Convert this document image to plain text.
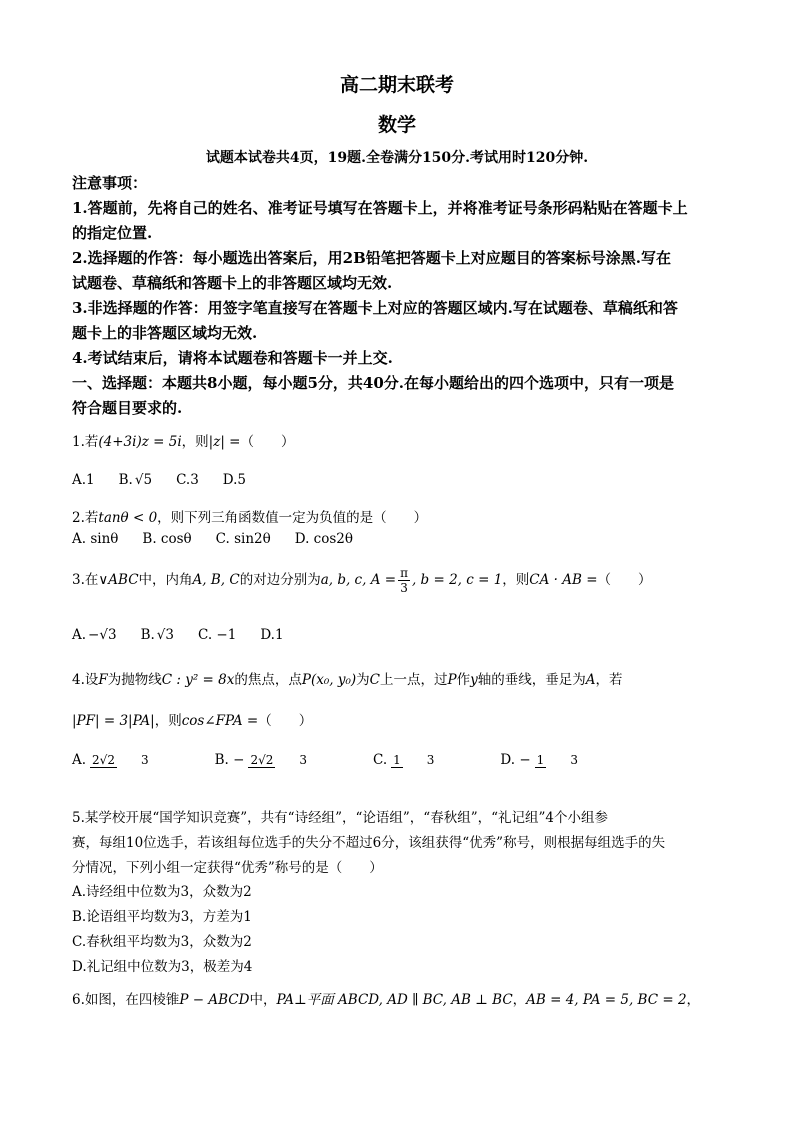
高二期末联考
数学
试题本试卷共4页，19题.全卷满分150分.考试用时120分钟.
注意事项：
1.答题前，先将自己的姓名、准考证号填写在答题卡上，并将准考证号条形码粘贴在答题卡上
的指定位置.
2.选择题的作答：每小题选出答案后，用2B铅笔把答题卡上对应题目的答案标号涂黑.写在
试题卷、草稿纸和答题卡上的非答题区域均无效.
3.非选择题的作答：用签字笔直接写在答题卡上对应的答题区域内.写在试题卷、草稿纸和答
题卡上的非答题区域均无效.
4.考试结束后，请将本试题卷和答题卡一并上交.
一、选择题：本题共8小题，每小题5分，共40分.在每小题给出的四个选项中，只有一项是
符合题目要求的.
1.若(4+3i)z = 5i，则|z| =（　　）
A.1 B. √5 C.3 D.5
2.若tanθ < 0，则下列三角函数值一定为负值的是（　　）
A. sinθ B. cosθ C. sin2θ D. cos2θ
3.在∨ABC中，内角A, B, C的对边分别为a, b, c, $A = \frac{\pi}{3}$ , b = 2, c = 1，则CA · AB =（　　）
A. −√3 B. √3 C. −1 D.1
4.设F为抛物线C : y² = 8x的焦点，点P(x₀, y₀)为C上一点，过P作y轴的垂线，垂足为A，若
|PF| = 3|PA|，则cos∠FPA =（　　）
A. 2√2 3	B. − 2√2 3	C. 1 3	D. − 1 3
5.某学校开展“国学知识竞赛”，共有“诗经组”，“论语组”，“春秋组”，“礼记组”4个小组参
赛，每组10位选手，若该组每位选手的失分不超过6分，该组获得“优秀”称号，则根据每组选手的失
分情况，下列小组一定获得“优秀”称号的是（　　）
A.诗经组中位数为3，众数为2
B.论语组平均数为3，方差为1
C.春秋组平均数为3，众数为2
D.礼记组中位数为3，极差为4
6.如图，在四棱锥P − ABCD中，PA⊥平面 ABCD, AD ∥ BC, AB ⊥ BC，AB = 4, PA = 5, BC = 2，
